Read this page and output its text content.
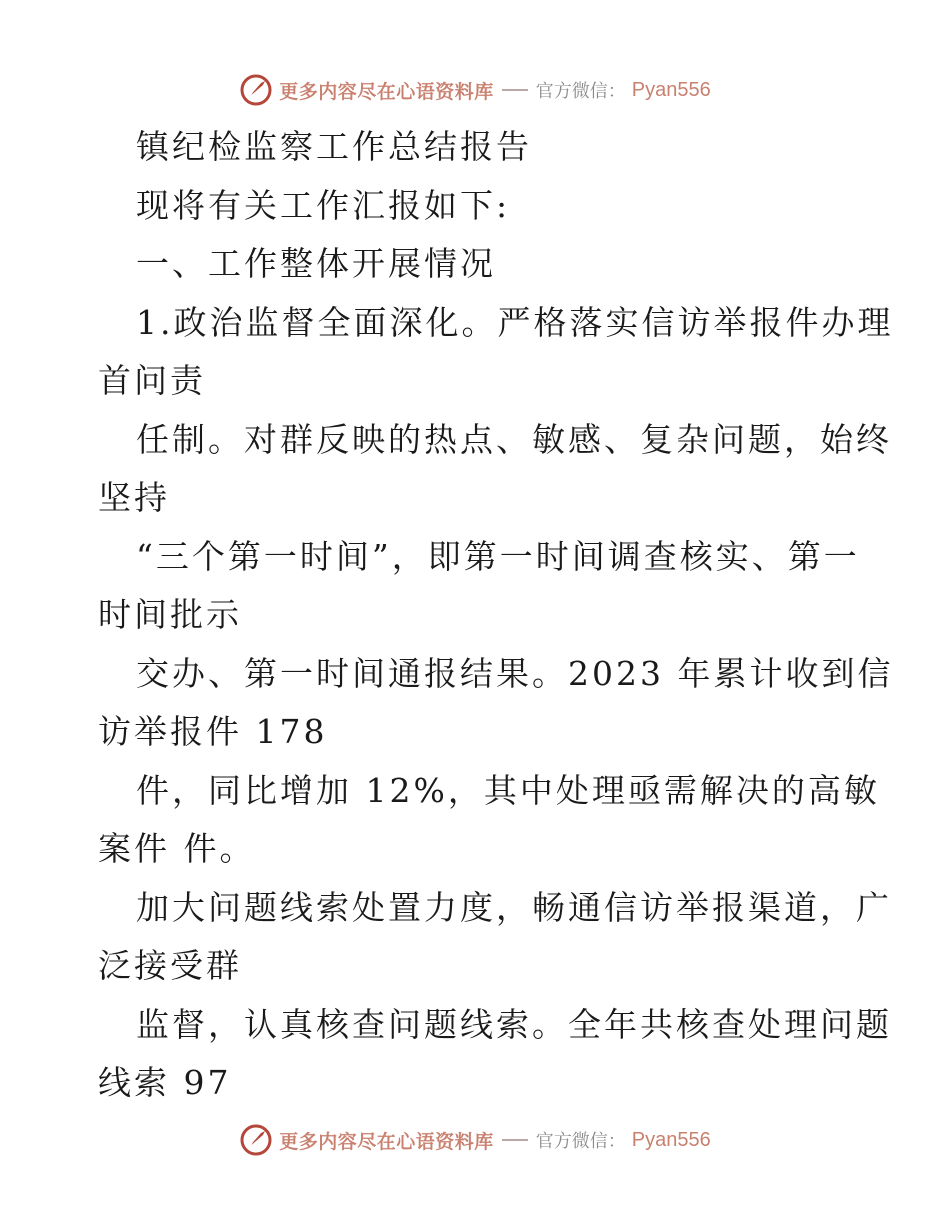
更多内容尽在心语资料库 官方微信： Pyan556
镇纪检监察工作总结报告
现将有关工作汇报如下:
一、工作整体开展情况
1.政治监督全面深化。严格落实信访举报件办理
首问责
任制。对群反映的热点、敏感、复杂问题，始终
坚持
“三个第一时间”，即第一时间调查核实、第一
时间批示
交办、第一时间通报结果。2023 年累计收到信
访举报件 178
件，同比增加 12%，其中处理亟需解决的高敏
案件 件。
加大问题线索处置力度，畅通信访举报渠道，广
泛接受群
监督，认真核查问题线索。全年共核查处理问题
线索 97
更多内容尽在心语资料库 官方微信： Pyan556
